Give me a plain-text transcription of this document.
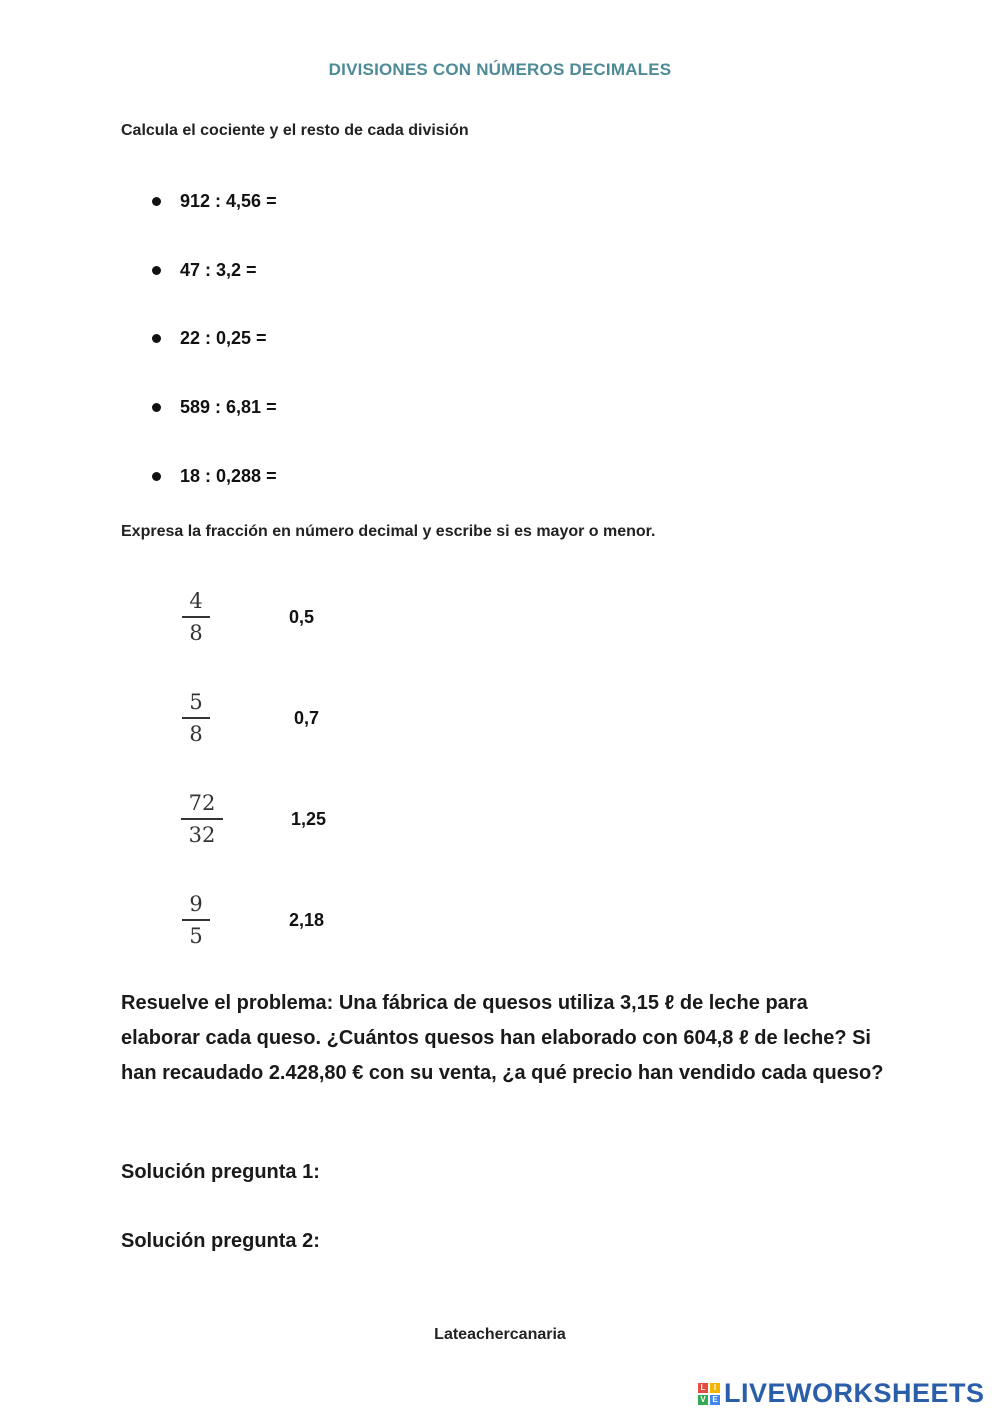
DIVISIONES CON NÚMEROS DECIMALES
Calcula el cociente y el resto de cada división
912 : 4,56 =
47 : 3,2 =
22 : 0,25 =
589 : 6,81 =
18 : 0,288 =
Expresa la fracción en número decimal y escribe si es mayor o menor.
4
8
0,5
5
8
0,7
72
32
1,25
9
5
2,18
Resuelve el problema: Una fábrica de quesos utiliza 3,15 ℓ de leche para elaborar cada queso. ¿Cuántos quesos han elaborado con 604,8 ℓ de leche? Si han recaudado 2.428,80 € con su venta, ¿a qué precio han vendido cada queso?
Solución pregunta 1:
Solución pregunta 2:
Lateachercanaria
L	I
V E LIVEWORKSHEETS
